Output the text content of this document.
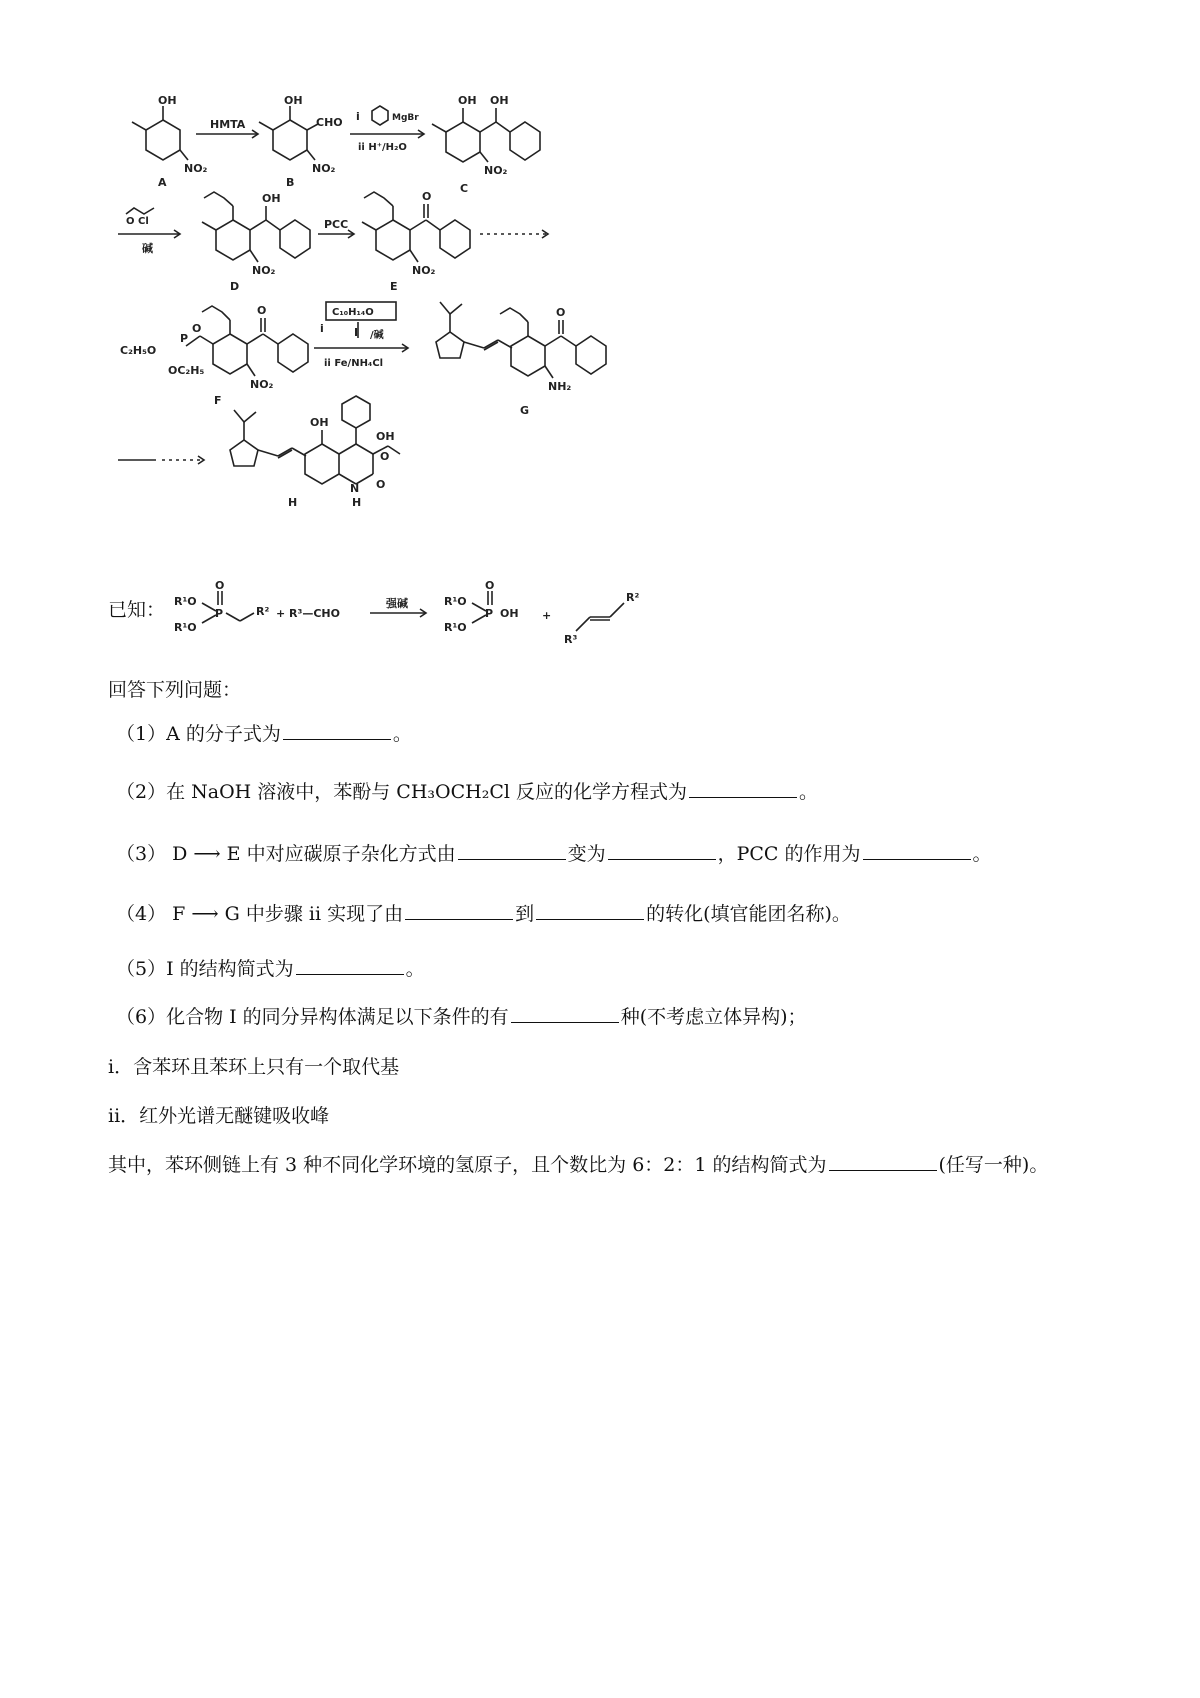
OH
NO₂
A
HMTA
OH
CHO
NO₂
B
i	MgBr
ii H⁺/H₂O
OH OH
NO₂
C
O Cl
碱
OH
NO₂
D
PCC
O
NO₂
E
O
P
C₂H₅O
OC₂H₅
O
NO₂
F
i
C₁₀H₁₄O
I /碱
ii Fe/NH₄Cl
O
NH₂
G
OH
OH
O
N
H
O
H
已知： R¹O
R¹O
P
O
R² + R³—CHO
强碱	R¹O
R¹O
P
O
OH +
R²
R³
回答下列问题：
（1）A 的分子式为	。
（2）在 NaOH 溶液中，苯酚与 CH₃OCH₂Cl 反应的化学方程式为	。
（3） D ⟶ E 中对应碳原子杂化方式由	变为	，PCC 的作用为	。
（4） F ⟶ G 中步骤 ii 实现了由	到	的转化(填官能团名称)。
（5）I 的结构简式为	。
（6）化合物 I 的同分异构体满足以下条件的有	种(不考虑立体异构)；
i．含苯环且苯环上只有一个取代基
ii．红外光谱无醚键吸收峰
其中，苯环侧链上有 3 种不同化学环境的氢原子，且个数比为 6：2：1 的结构简式为	(任写一种)。
